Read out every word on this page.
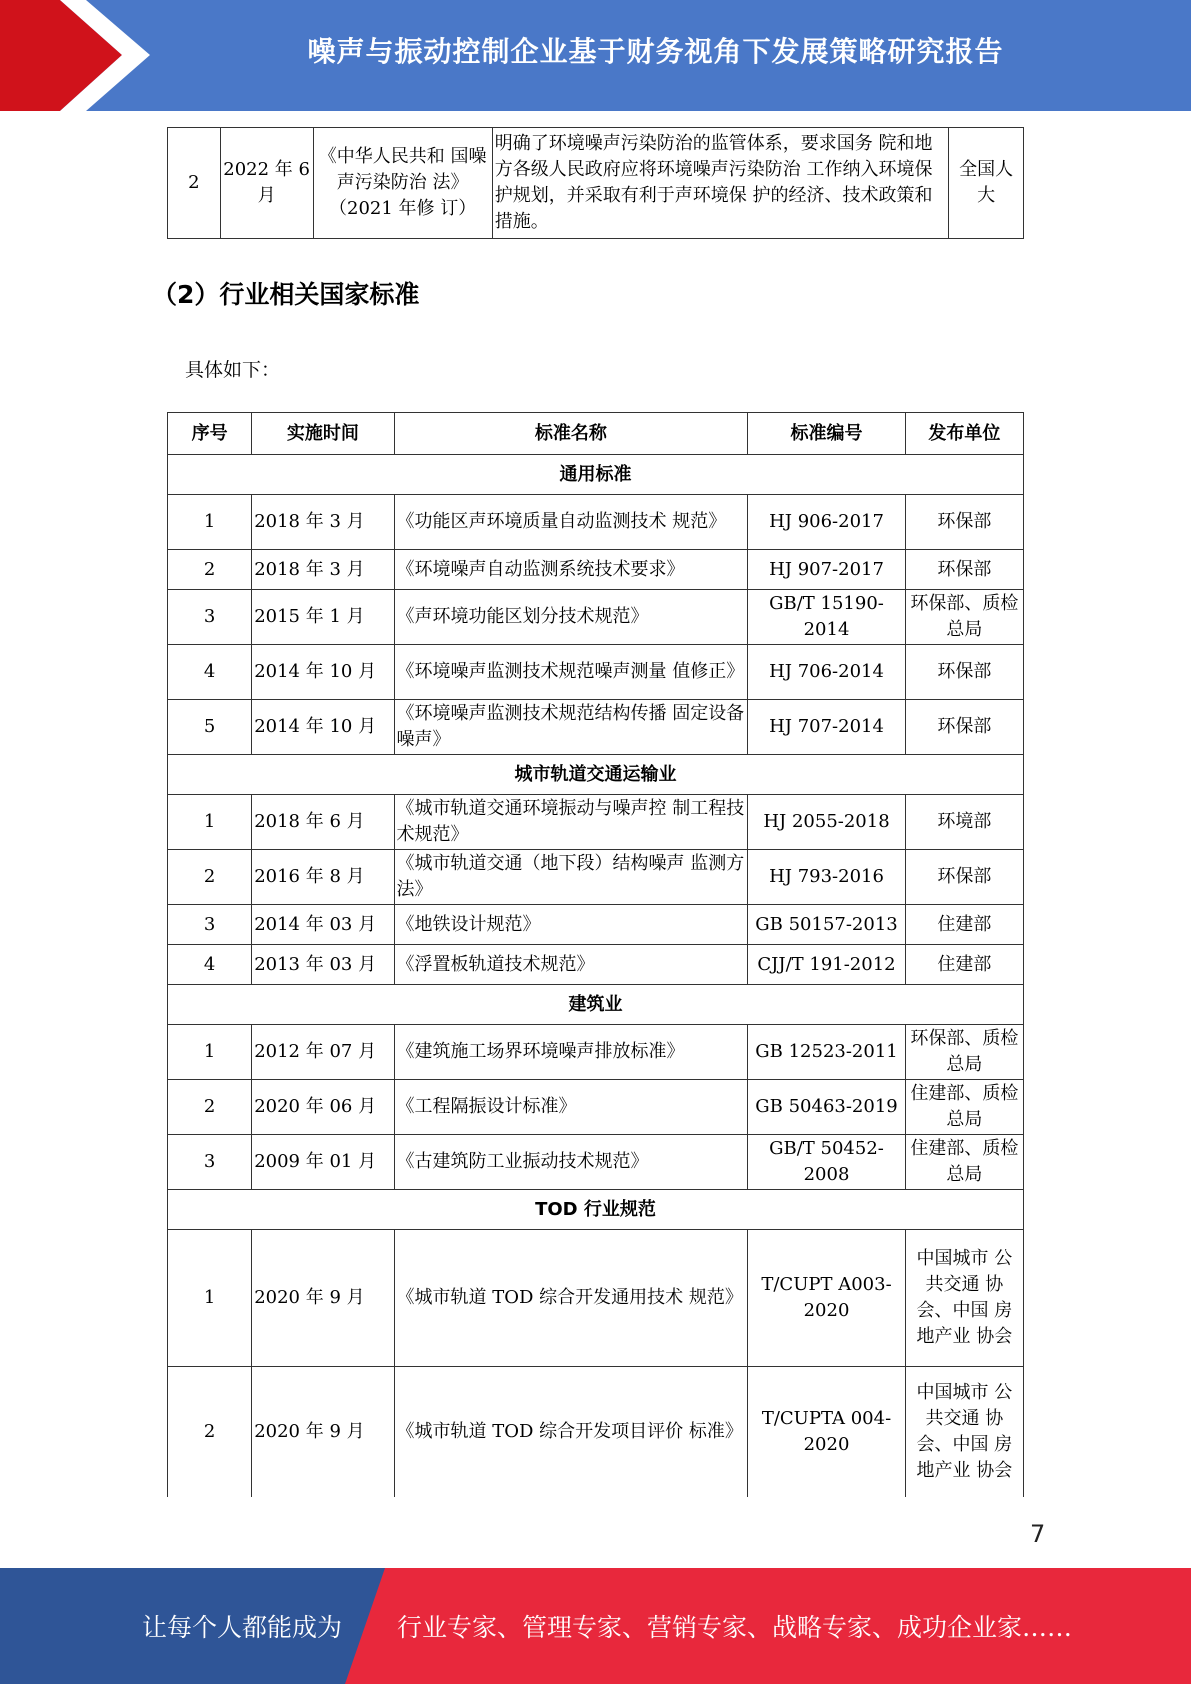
噪声与振动控制企业基于财务视角下发展策略研究报告
2	2022 年 6 月	《中华人民共和 国噪声污染防治 法》（2021 年修 订）	明确了环境噪声污染防治的监管体系，要求国务 院和地方各级人民政府应将环境噪声污染防治 工作纳入环境保护规划，并采取有利于声环境保 护的经济、技术政策和措施。	全国人大
（2）行业相关国家标准
具体如下：
序号	实施时间	标准名称	标准编号	发布单位
通用标准				
1	2018 年 3 月	《功能区声环境质量自动监测技术 规范》	HJ 906-2017	环保部
2	2018 年 3 月	《环境噪声自动监测系统技术要求》	HJ 907-2017	环保部
3	2015 年 1 月	《声环境功能区划分技术规范》	GB/T 15190-2014	环保部、质检总局
4	2014 年 10 月	《环境噪声监测技术规范噪声测量 值修正》	HJ 706-2014	环保部
5	2014 年 10 月	《环境噪声监测技术规范结构传播 固定设备噪声》	HJ 707-2014	环保部
城市轨道交通运输业				
1	2018 年 6 月	《城市轨道交通环境振动与噪声控 制工程技术规范》	HJ 2055-2018	环境部
2	2016 年 8 月	《城市轨道交通（地下段）结构噪声 监测方法》	HJ 793-2016	环保部
3	2014 年 03 月	《地铁设计规范》	GB 50157-2013	住建部
4	2013 年 03 月	《浮置板轨道技术规范》	CJJ/T 191-2012	住建部
建筑业				
1	2012 年 07 月	《建筑施工场界环境噪声排放标准》	GB 12523-2011	环保部、质检总局
2	2020 年 06 月	《工程隔振设计标准》	GB 50463-2019	住建部、质检总局
3	2009 年 01 月	《古建筑防工业振动技术规范》	GB/T 50452-2008	住建部、质检总局
TOD 行业规范				
1	2020 年 9 月	《城市轨道 TOD 综合开发通用技术 规范》	T/CUPT A003-2020	中国城市 公共交通 协会、中国 房地产业 协会
2	2020 年 9 月	《城市轨道 TOD 综合开发项目评价 标准》	T/CUPTA 004-2020	中国城市 公共交通 协会、中国 房地产业 协会
7
让每个人都能成为 行业专家、管理专家、营销专家、战略专家、成功企业家……
